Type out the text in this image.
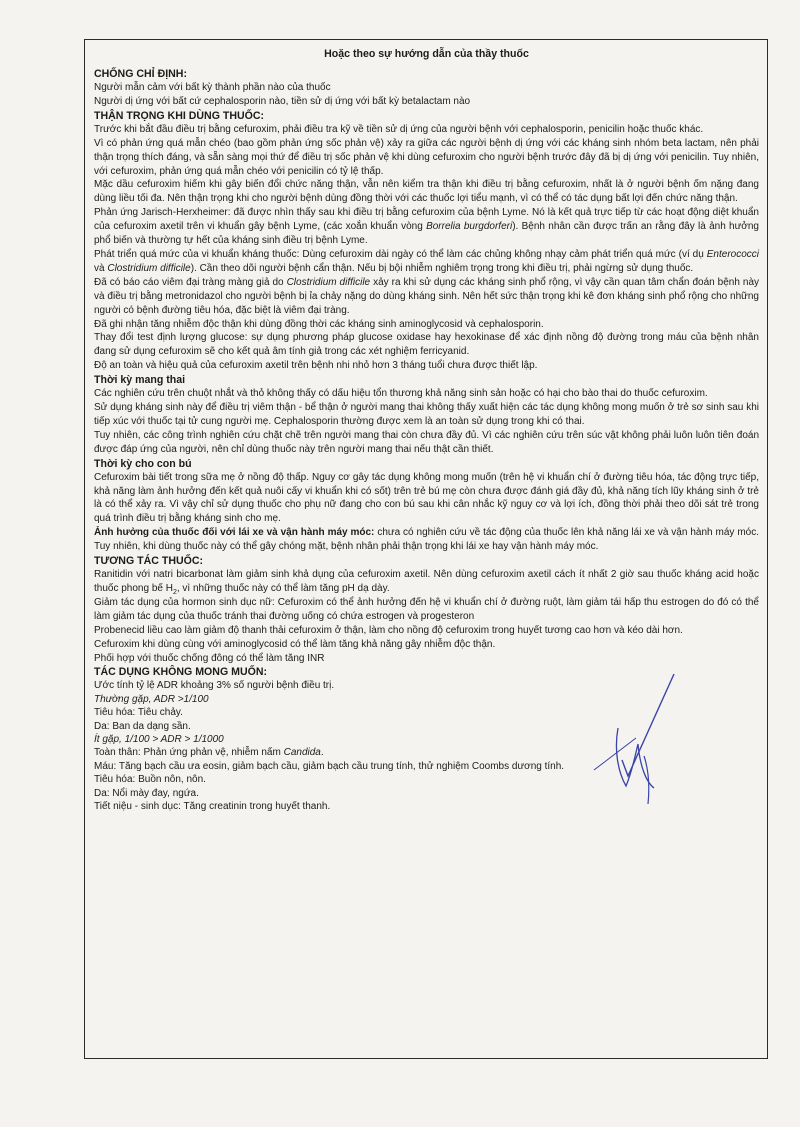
Hoặc theo sự hướng dẫn của thầy thuốc
CHỐNG CHỈ ĐỊNH:

Người mẫn cảm với bất kỳ thành phần nào của thuốc

Người dị ứng với bất cứ cephalosporin nào, tiền sử dị ứng với bất kỳ betalactam nào

THẬN TRỌNG KHI DÙNG THUỐC:

Trước khi bắt đầu điều trị bằng cefuroxim, phải điều tra kỹ về tiền sử dị ứng của người bệnh với cephalosporin, penicilin hoặc thuốc khác.

Vì có phản ứng quá mẫn chéo (bao gồm phản ứng sốc phản vệ) xảy ra giữa các người bệnh dị ứng với các kháng sinh nhóm beta lactam, nên phải thận trọng thích đáng, và sẵn sàng mọi thứ để điều trị sốc phản vệ khi dùng cefuroxim cho người bệnh trước đây đã bị dị ứng với penicilin. Tuy nhiên, với cefuroxim, phản ứng quá mẫn chéo với penicilin có tỷ lệ thấp.

Mặc dầu cefuroxim hiếm khi gây biến đổi chức năng thận, vẫn nên kiểm tra thận khi điều trị bằng cefuroxim, nhất là ở người bệnh ốm nặng đang dùng liều tối đa. Nên thận trọng khi cho người bệnh dùng đồng thời với các thuốc lợi tiểu mạnh, vì có thể có tác dụng bất lợi đến chức năng thận.

Phản ứng Jarisch-Herxheimer: đã được nhìn thấy sau khi điều trị bằng cefuroxim của bệnh Lyme. Nó là kết quả trực tiếp từ các hoạt động diệt khuẩn của cefuroxim axetil trên vi khuẩn gây bệnh Lyme, (các xoắn khuẩn vòng Borrelia burgdorferi). Bệnh nhân cần được trấn an rằng đây là ảnh hưởng phổ biến và thường tự hết của kháng sinh điều trị bệnh Lyme.

Phát triển quá mức của vi khuẩn kháng thuốc: Dùng cefuroxim dài ngày có thể làm các chủng không nhạy cảm phát triển quá mức (ví dụ Enterococci và Clostridium difficile). Cần theo dõi người bệnh cẩn thận. Nếu bị bội nhiễm nghiêm trọng trong khi điều trị, phải ngừng sử dụng thuốc.

Đã có báo cáo viêm đại tràng màng giả do Clostridium difficile xảy ra khi sử dụng các kháng sinh phổ rộng, vì vậy cần quan tâm chẩn đoán bệnh này và điều trị bằng metronidazol cho người bệnh bị ỉa chảy nặng do dùng kháng sinh. Nên hết sức thận trọng khi kê đơn kháng sinh phổ rộng cho những người có bệnh đường tiêu hóa, đặc biệt là viêm đại tràng.

Đã ghi nhận tăng nhiễm độc thận khi dùng đồng thời các kháng sinh aminoglycosid và cephalosporin.

Thay đổi test định lượng glucose: sự dụng phương pháp glucose oxidase hay hexokinase để xác định nồng độ đường trong máu của bệnh nhân đang sử dụng cefuroxim sẽ cho kết quả âm tính giả trong các xét nghiệm ferricyanid.

Độ an toàn và hiệu quả của cefuroxim axetil trên bệnh nhi nhỏ hơn 3 tháng tuổi chưa được thiết lập.

Thời kỳ mang thai

Các nghiên cứu trên chuột nhắt và thỏ không thấy có dấu hiệu tổn thương khả năng sinh sản hoặc có hại cho bào thai do thuốc cefuroxim.

Sử dụng kháng sinh này để điều trị viêm thận - bể thận ở người mang thai không thấy xuất hiện các tác dụng không mong muốn ở trẻ sơ sinh sau khi tiếp xúc với thuốc tại tử cung người mẹ. Cephalosporin thường được xem là an toàn sử dụng trong khi có thai.

Tuy nhiên, các công trình nghiên cứu chặt chẽ trên người mang thai còn chưa đầy đủ. Vì các nghiên cứu trên súc vật không phải luôn luôn tiên đoán được đáp ứng của người, nên chỉ dùng thuốc này trên người mang thai nếu thật cần thiết.

Thời kỳ cho con bú

Cefuroxim bài tiết trong sữa mẹ ở nồng độ thấp. Nguy cơ gây tác dụng không mong muốn (trên hệ vi khuẩn chí ở đường tiêu hóa, tác động trực tiếp, khả năng làm ảnh hưởng đến kết quả nuôi cấy vi khuẩn khi có sốt) trên trẻ bú mẹ còn chưa được đánh giá đầy đủ, khả năng tích lũy kháng sinh ở trẻ là có thể xảy ra. Vì vậy chỉ sử dụng thuốc cho phụ nữ đang cho con bú sau khi cân nhắc kỹ nguy cơ và lợi ích, đồng thời phải theo dõi sát trẻ trong quá trình điều trị bằng kháng sinh cho mẹ.

Ảnh hưởng của thuốc đối với lái xe và vận hành máy móc: chưa có nghiên cứu về tác động của thuốc lên khả năng lái xe và vận hành máy móc. Tuy nhiên, khi dùng thuốc này có thể gây chóng mặt, bệnh nhân phải thận trọng khi lái xe hay vận hành máy móc.

TƯƠNG TÁC THUỐC:

Ranitidin với natri bicarbonat làm giảm sinh khả dụng của cefuroxim axetil. Nên dùng cefuroxim axetil cách ít nhất 2 giờ sau thuốc kháng acid hoặc thuốc phong bế $H_2$, vì những thuốc này có thể làm tăng pH dạ dày.

Giảm tác dụng của hormon sinh dục nữ: Cefuroxim có thể ảnh hưởng đến hệ vi khuẩn chí ở đường ruột, làm giảm tái hấp thu estrogen do đó có thể làm giảm tác dụng của thuốc tránh thai đường uống có chứa estrogen và progesteron

Probenecid liều cao làm giảm độ thanh thải cefuroxim ở thận, làm cho nồng độ cefuroxim trong huyết tương cao hơn và kéo dài hơn.

Cefuroxim khi dùng cùng với aminoglycosid có thể làm tăng khả năng gây nhiễm độc thận.

Phối hợp với thuốc chống đông có thể làm tăng INR

TÁC DỤNG KHÔNG MONG MUỐN:

Ước tính tỷ lệ ADR khoảng 3% số người bệnh điều trị.

Thường gặp, ADR >1/100

Tiêu hóa: Tiêu chảy.

Da: Ban da dạng sần.

Ít gặp, 1/100 > ADR > 1/1000

Toàn thân: Phản ứng phản vệ, nhiễm nấm Candida.

Máu: Tăng bạch cầu ưa eosin, giảm bạch cầu, giảm bạch cầu trung tính, thử nghiệm Coombs dương tính.

Tiêu hóa: Buồn nôn, nôn.

Da: Nổi mày đay, ngứa.

Tiết niệu - sinh dục: Tăng creatinin trong huyết thanh.
